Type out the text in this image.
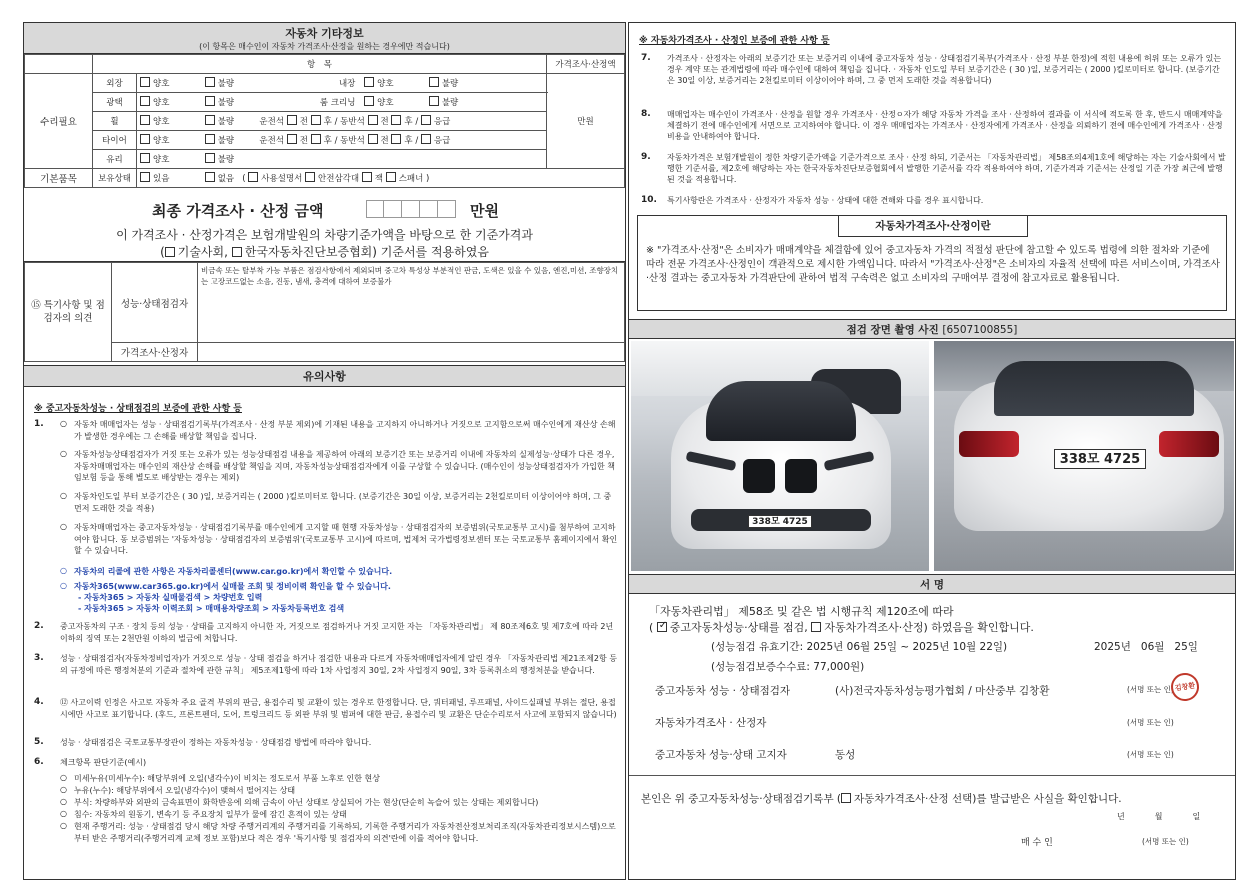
자동차 기타정보
(이 항목은 매수인이 자동차 가격조사·산정을 원하는 경우에만 적습니다)
	항　목		가격조사·산정액
수리필요	외장	양호 불량 내장 양호 불량	만원
	광택	양호 불량 룸 크리닝 양호 불량	
	휠	양호 불량 운전석 전 후 / 동반석 전 후 / 응급	
	타이어	양호 불량 운전석 전 후 / 동반석 전 후 / 응급	
	유리	양호 불량	
기본품목	보유상태	있음 없음   ( 사용설명서 안전삼각대 잭 스패너 )	
최종 가격조사 · 산정 금액	만원
이 가격조사 · 산정가격은 보험개발원의 차량기준가액을 바탕으로 한 기준가격과
( 기술사회, 한국자동차진단보증협회) 기준서를 적용하였음
⑮ 특기사항 및 점검자의 의견	성능·상태점검자	비금속 또는 탈부착 가능 부품은 점검사항에서 제외되며 중고차 특성상 부분적인 판금, 도색은 있을 수 있음, 엔진,미션, 조향장치는 고장코드없는 소음, 진동, 냄새, 충격에 대하여 보증불가
	가격조사·산정자	
유의사항
※ 중고자동차성능 · 상태점검의 보증에 관한 사항 등
1. ○ 자동차 매매업자는 성능 · 상태점검기록부(가격조사 · 산정 부분 제외)에 기재된 내용을 고지하지 아니하거나 거짓으로 고지함으로써 매수인에게 재산상 손해가 발생한 경우에는 그 손해를 배상할 책임을 집니다.
○ 자동차성능상태점검자가 거짓 또는 오류가 있는 성능상태점검 내용을 제공하여 아래의 보증기간 또는 보증거리 이내에 자동차의 실제성능·상태가 다른 경우, 자동차매매업자는 매수인의 재산상 손해를 배상할 책임을 지며, 자동차성능상태점검자에게 이를 구상할 수 있습니다. (매수인이 성능상태점검자가 가입한 책임보험 등을 통해 별도로 배상받는 경우는 제외)
○ 자동차인도일 부터 보증기간은 ( 30 )일, 보증거리는 ( 2000 )킬로미터로 합니다. (보증기간은 30일 이상, 보증거리는 2천킬로미터 이상이어야 하며, 그 중 먼저 도래한 것을 적용)
○ 자동차매매업자는 중고자동차성능 · 상태점검기록부를 매수인에게 고지할 때 현행 자동차성능 · 상태점검자의 보증범위(국토교통부 고시)를 첨부하여 고지하여야 합니다. 동 보증범위는 '자동차성능 · 상태점검자의 보증범위'(국토교통부 고시)에 따르며, 법제처 국가법령정보센터 또는 국토교통부 홈페이지에서 확인할 수 있습니다.
○ 자동차의 리콜에 관한 사항은 자동차리콜센터(www.car.go.kr)에서 확인할 수 있습니다.
○ 자동차365(www.car365.go.kr)에서 실매물 조회 및 정비이력 확인을 할 수 있습니다.
- 자동차365 > 자동차 실매물검색 > 차량번호 입력
- 자동차365 > 자동차 이력조회 > 매매용차량조회 > 자동차등록번호 검색
2. 중고자동차의 구조 · 장치 등의 성능 · 상태를 고지하지 아니한 자, 거짓으로 점검하거나 거짓 고지한 자는 「자동차관리법」 제 80조제6호 및 제7호에 따라 2년 이하의 징역 또는 2천만원 이하의 벌금에 처합니다.
3. 성능 · 상태점검자(자동차정비업자)가 거짓으로 성능 · 상태 점검을 하거나 점검한 내용과 다르게 자동차매매업자에게 알린 경우 「자동차관리법 제21조제2항 등의 규정에 따른 행정처분의 기준과 절차에 관한 규칙」 제5조제1항에 따라 1차 사업정지 30일, 2차 사업정지 90일, 3차 등록취소의 행정처분을 받습니다.
4. ⑫ 사고이력 인정은 사고로 자동차 주요 골격 부위의 판금, 용접수리 및 교환이 있는 경우로 한정합니다. 단, 쿼터패널, 루프패널, 사이드실패널 부위는 절단, 용접 시에만 사고로 표기합니다. (후드, 프론트펜더, 도어, 트렁크리드 등 외판 부위 및 범퍼에 대한 판금, 용접수리 및 교환은 단순수리로서 사고에 포함되지 않습니다)
5. 성능 · 상태점검은 국토교통부장관이 정하는 자동차성능 · 상태점검 방법에 따라야 합니다.
6. 체크항목 판단기준(예시)
○ 미세누유(미세누수): 해당부위에 오일(냉각수)이 비치는 정도로서 부품 노후로 인한 현상
○ 누유(누수): 해당부위에서 오일(냉각수)이 맺혀서 떨어지는 상태
○ 부식: 차량하부와 외판의 금속표면이 화학반응에 의해 금속이 아닌 상태로 상실되어 가는 현상(단순히 녹슬어 있는 상태는 제외합니다)
○ 침수: 자동차의 원동기, 변속기 등 주요장치 일부가 물에 잠긴 흔적이 있는 상태
○ 현재 주행거리: 성능 · 상태점검 당시 해당 차량 주행거리계의 주행거리를 기록하되, 기록한 주행거리가 자동차전산정보처리조직(자동차관리정보시스템)으로부터 받은 주행거리(주행거리계 교체 정보 포함)보다 적은 경우 '특기사항 및 점검자의 의견'란에 이를 적어야 합니다.
※ 자동차가격조사 · 산정인 보증에 관한 사항 등
7. 가격조사 · 산정자는 아래의 보증기간 또는 보증거리 이내에 중고자동차 성능 · 상태점검기록부(가격조사 · 산정 부분 한정)에 적힌 내용에 허위 또는 오류가 있는 경우 계약 또는 관계법령에 따라 매수인에 대하여 책임을 집니다. · 자동차 인도일 부터 보증기간은 ( 30 )일, 보증거리는 ( 2000 )킬로미터로 합니다. (보증기간은 30일 이상, 보증거리는 2천킬로미터 이상이어야 하며, 그 중 먼저 도래한 것을 적용합니다)
8. 매매업자는 매수인이 가격조사 · 산정을 원할 경우 가격조사 · 산정ㅇ자가 해당 자동차 가격을 조사 · 산정하여 결과를 이 서식에 적도록 한 후, 반드시 매매계약을 체결하기 전에 매수인에게 서면으로 고지하여야 합니다. 이 경우 매매업자는 가격조사 · 산정자에게 가격조사 · 산정을 의뢰하기 전에 매수인에게 가격조사 · 산정 비용을 안내하여야 합니다.
9. 자동차가격은 보험개발원이 정한 차량기준가액을 기준가격으로 조사 · 산정 하되, 기준서는 「자동차관리법」 제58조의4제1호에 해당하는 자는 기술사회에서 발행한 기준서를, 제2호에 해당하는 자는 한국자동차진단보증협회에서 발행한 기준서를 각각 적용하여야 하며, 기준가격과 기준서는 산정일 기준 가장 최근에 발행된 것을 적용합니다.
10. 특기사항란은 가격조사 · 산정자가 자동차 성능 · 상태에 대한 견해와 다를 경우 표시합니다.
자동차가격조사·산정이란
※ "가격조사·산정"은 소비자가 매매계약을 체결함에 있어 중고자동차 가격의 적절성 판단에 참고할 수 있도록 법령에 의한 절차와 기준에 따라 전문 가격조사·산정인이 객관적으로 제시한 가액입니다. 따라서 "가격조사·산정"은 소비자의 자율적 선택에 따른 서비스이며, 가격조사·산정 결과는 중고자동차 가격판단에 관하여 법적 구속력은 없고 소비자의 구매여부 결정에 참고자료로 활용됩니다.
점검 장면 촬영 사진 [6507100855]
338모 4725
338모 4725
서 명
「자동차관리법」 제58조 및 같은 법 시행규칙 제120조에 따라
( ✓중고자동차성능·상태를 점검, 자동차가격조사·산정) 하였음을 확인합니다.
(성능점검 유효기간: 2025년 06월 25일 ~ 2025년 10월 22일)	2025년 06월 25일
(성능점검보증수수료: 77,000원)
중고자동차 성능 · 상태점검자	(사)전국자동차성능평가협회 / 마산중부 김창환	(서명 또는 인) 김창환
자동차가격조사 · 산정자	(서명 또는 인)
중고자동차 성능·상태 고지자	동성	(서명 또는 인)
본인은 위 중고자동차성능·상태점검기록부 ( 자동차가격조사·산정 선택)를 발급받은 사실을 확인합니다.
년	월	일
매 수 인	(서명 또는 인)
